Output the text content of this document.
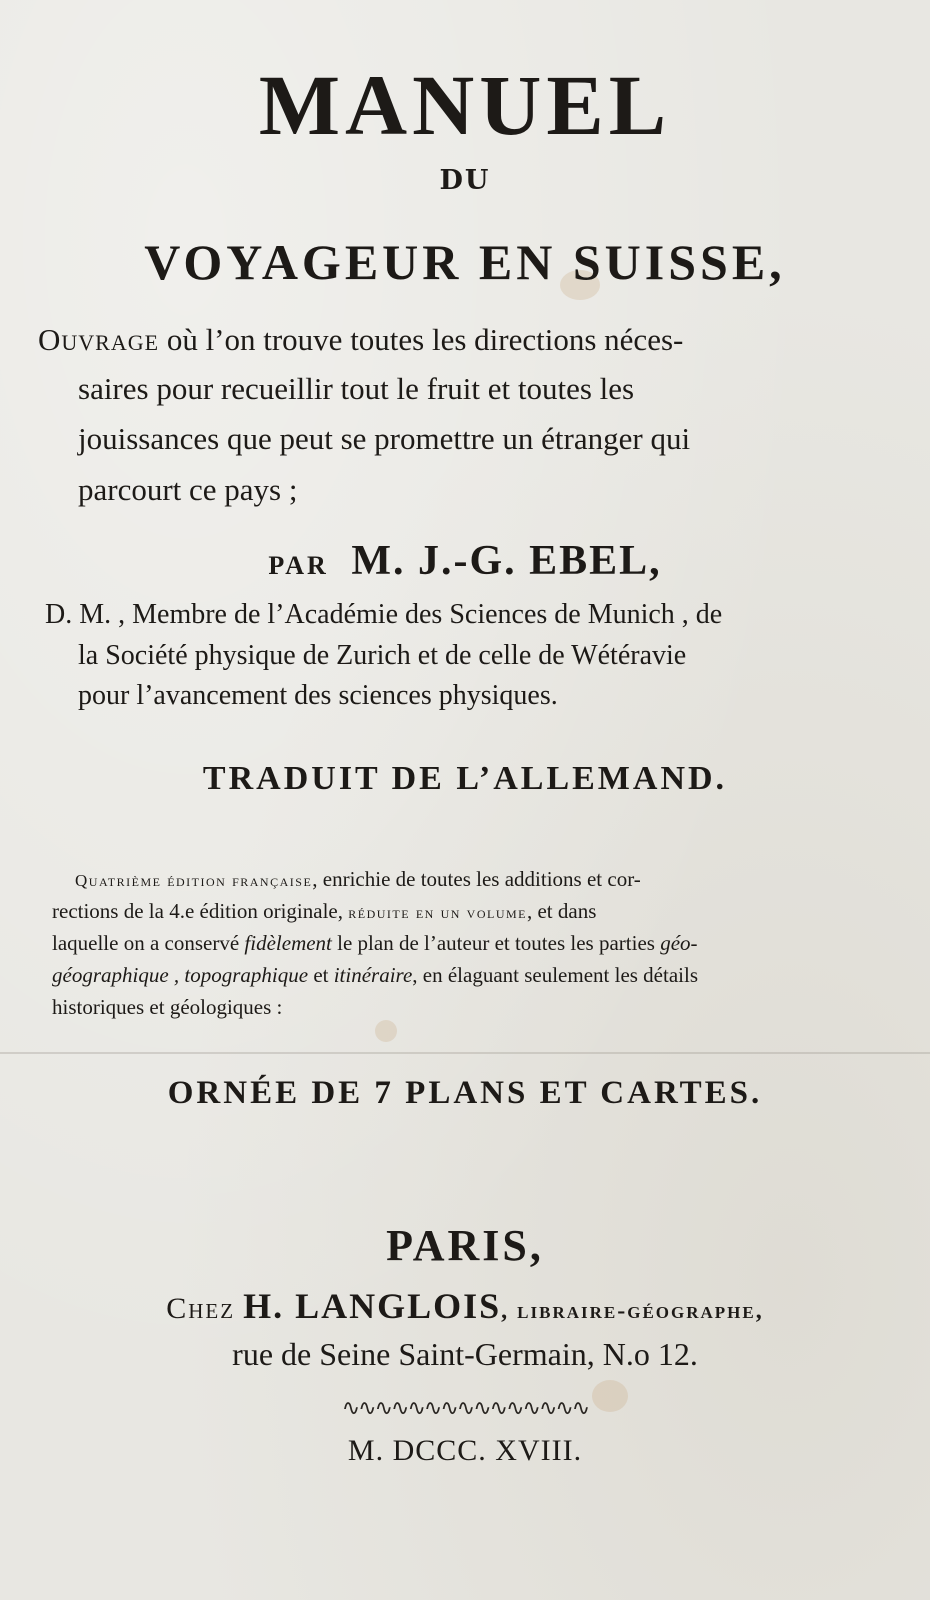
MANUEL
DU
VOYAGEUR EN SUISSE,
Ouvrage où l’on trouve toutes les directions néces-
saires pour recueillir tout le fruit et toutes les
jouissances que peut se promettre un étranger qui
parcourt ce pays ;
PAR M. J.-G. EBEL,
D. M. , Membre de l’Académie des Sciences de Munich , de
la Société physique de Zurich et de celle de Wétéravie
pour l’avancement des sciences physiques.
TRADUIT DE L’ALLEMAND.
Quatrième édition française, enrichie de toutes les additions et cor-
rections de la 4.e édition originale, réduite en un volume, et dans
laquelle on a conservé fidèlement le plan de l’auteur et toutes les parties géo-
géographique , topographique et itinéraire, en élaguant seulement les détails
historiques et géologiques :
ORNÉE DE 7 PLANS ET CARTES.
PARIS,
Chez H. LANGLOIS, libraire-géographe,
rue de Seine Saint-Germain, N.o 12.
∿∿∿∿∿∿∿∿∿∿∿∿∿∿∿
M. DCCC. XVIII.
